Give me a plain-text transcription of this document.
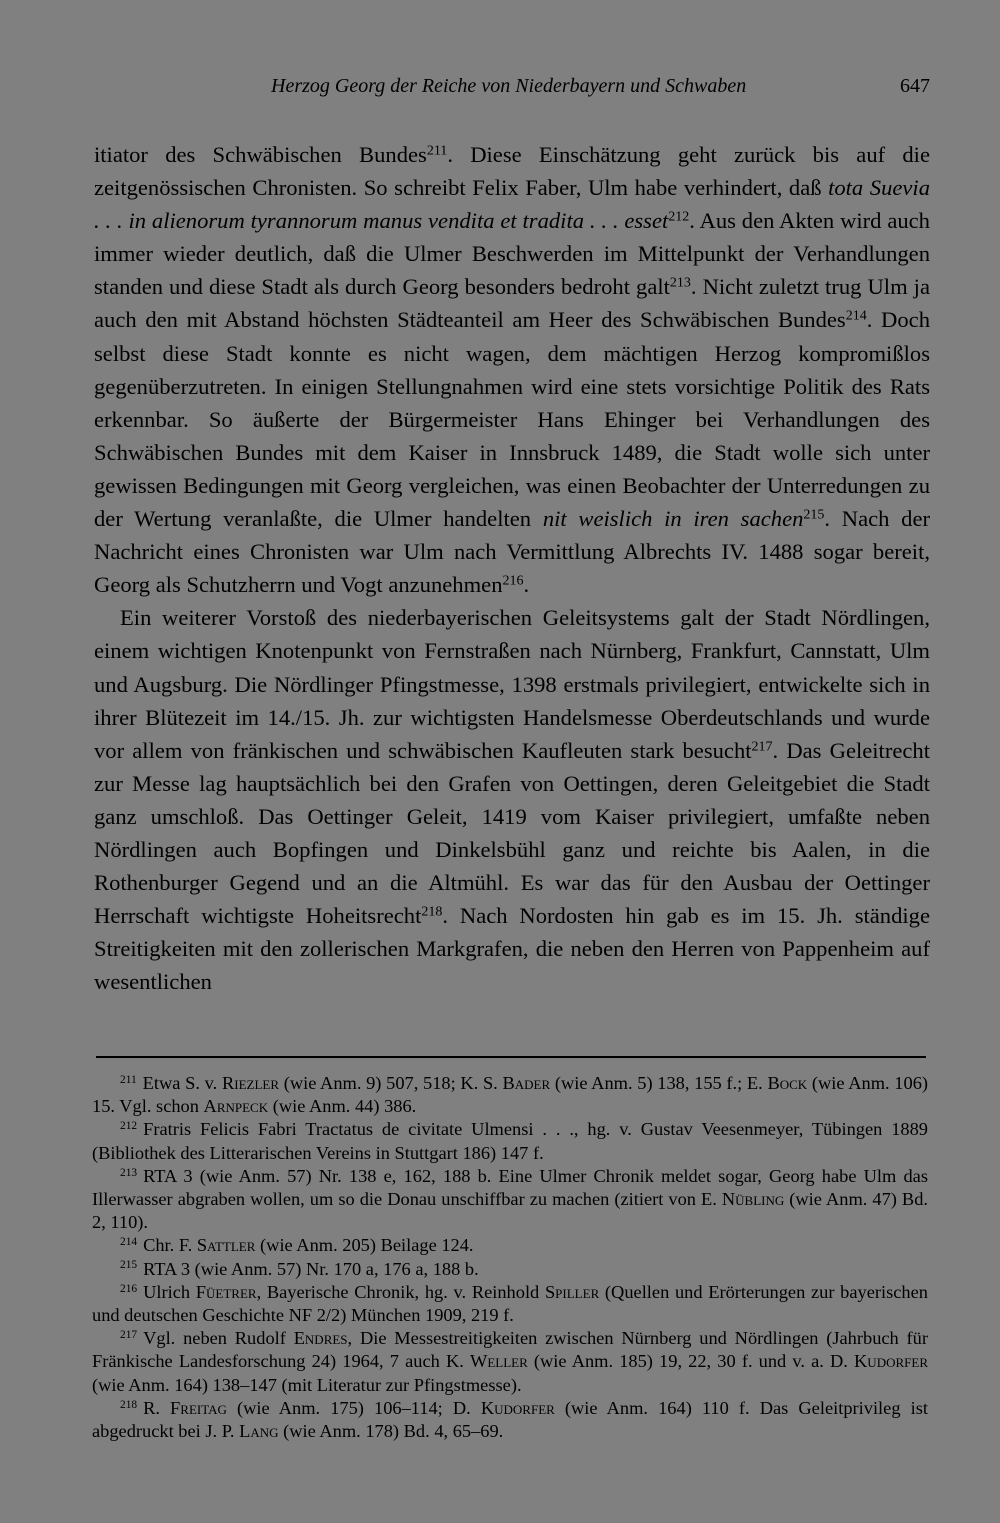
Herzog Georg der Reiche von Niederbayern und Schwaben	647

itiator des Schwäbischen Bundes$^{211}$. Diese Einschätzung geht zurück bis auf die zeitgenössischen Chronisten. So schreibt Felix Faber, Ulm habe verhindert, daß tota Suevia . . . in alienorum tyrannorum manus vendita et tradita . . . esset$^{212}$. Aus den Akten wird auch immer wieder deutlich, daß die Ulmer Beschwerden im Mittelpunkt der Verhandlungen standen und diese Stadt als durch Georg besonders bedroht galt$^{213}$. Nicht zuletzt trug Ulm ja auch den mit Abstand höchsten Städteanteil am Heer des Schwäbischen Bundes$^{214}$. Doch selbst diese Stadt konnte es nicht wagen, dem mächtigen Herzog kompromißlos gegenüberzutreten. In einigen Stellungnahmen wird eine stets vorsichtige Politik des Rats erkennbar. So äußerte der Bürgermeister Hans Ehinger bei Verhandlungen des Schwäbischen Bundes mit dem Kaiser in Innsbruck 1489, die Stadt wolle sich unter gewissen Bedingungen mit Georg vergleichen, was einen Beobachter der Unterredungen zu der Wertung veranlaßte, die Ulmer handelten nit weislich in iren sachen$^{215}$. Nach der Nachricht eines Chronisten war Ulm nach Vermittlung Albrechts IV. 1488 sogar bereit, Georg als Schutzherrn und Vogt anzunehmen$^{216}$.

Ein weiterer Vorstoß des niederbayerischen Geleitsystems galt der Stadt Nördlingen, einem wichtigen Knotenpunkt von Fernstraßen nach Nürnberg, Frankfurt, Cannstatt, Ulm und Augsburg. Die Nördlinger Pfingstmesse, 1398 erstmals privilegiert, entwickelte sich in ihrer Blütezeit im 14./15. Jh. zur wichtigsten Handelsmesse Oberdeutschlands und wurde vor allem von fränkischen und schwäbischen Kaufleuten stark besucht$^{217}$. Das Geleitrecht zur Messe lag hauptsächlich bei den Grafen von Oettingen, deren Geleitgebiet die Stadt ganz umschloß. Das Oettinger Geleit, 1419 vom Kaiser privilegiert, umfaßte neben Nördlingen auch Bopfingen und Dinkelsbühl ganz und reichte bis Aalen, in die Rothenburger Gegend und an die Altmühl. Es war das für den Ausbau der Oettinger Herrschaft wichtigste Hoheitsrecht$^{218}$. Nach Nordosten hin gab es im 15. Jh. ständige Streitigkeiten mit den zollerischen Markgrafen, die neben den Herren von Pappenheim auf wesentlichen

$^{211}$ Etwa S. v. Riezler (wie Anm. 9) 507, 518; K. S. Bader (wie Anm. 5) 138, 155 f.; E. Bock (wie Anm. 106) 15. Vgl. schon Arnpeck (wie Anm. 44) 386.

$^{212}$ Fratris Felicis Fabri Tractatus de civitate Ulmensi . . ., hg. v. Gustav Veesenmeyer, Tübingen 1889 (Bibliothek des Litterarischen Vereins in Stuttgart 186) 147 f.

$^{213}$ RTA 3 (wie Anm. 57) Nr. 138 e, 162, 188 b. Eine Ulmer Chronik meldet sogar, Georg habe Ulm das Illerwasser abgraben wollen, um so die Donau unschiffbar zu machen (zitiert von E. Nübling (wie Anm. 47) Bd. 2, 110).

$^{214}$ Chr. F. Sattler (wie Anm. 205) Beilage 124.

$^{215}$ RTA 3 (wie Anm. 57) Nr. 170 a, 176 a, 188 b.

$^{216}$ Ulrich Füetrer, Bayerische Chronik, hg. v. Reinhold Spiller (Quellen und Erörterungen zur bayerischen und deutschen Geschichte NF 2/2) München 1909, 219 f.

$^{217}$ Vgl. neben Rudolf Endres, Die Messestreitigkeiten zwischen Nürnberg und Nördlingen (Jahrbuch für Fränkische Landesforschung 24) 1964, 7 auch K. Weller (wie Anm. 185) 19, 22, 30 f. und v. a. D. Kudorfer (wie Anm. 164) 138–147 (mit Literatur zur Pfingstmesse).

$^{218}$ R. Freitag (wie Anm. 175) 106–114; D. Kudorfer (wie Anm. 164) 110 f. Das Geleitprivileg ist abgedruckt bei J. P. Lang (wie Anm. 178) Bd. 4, 65–69.
